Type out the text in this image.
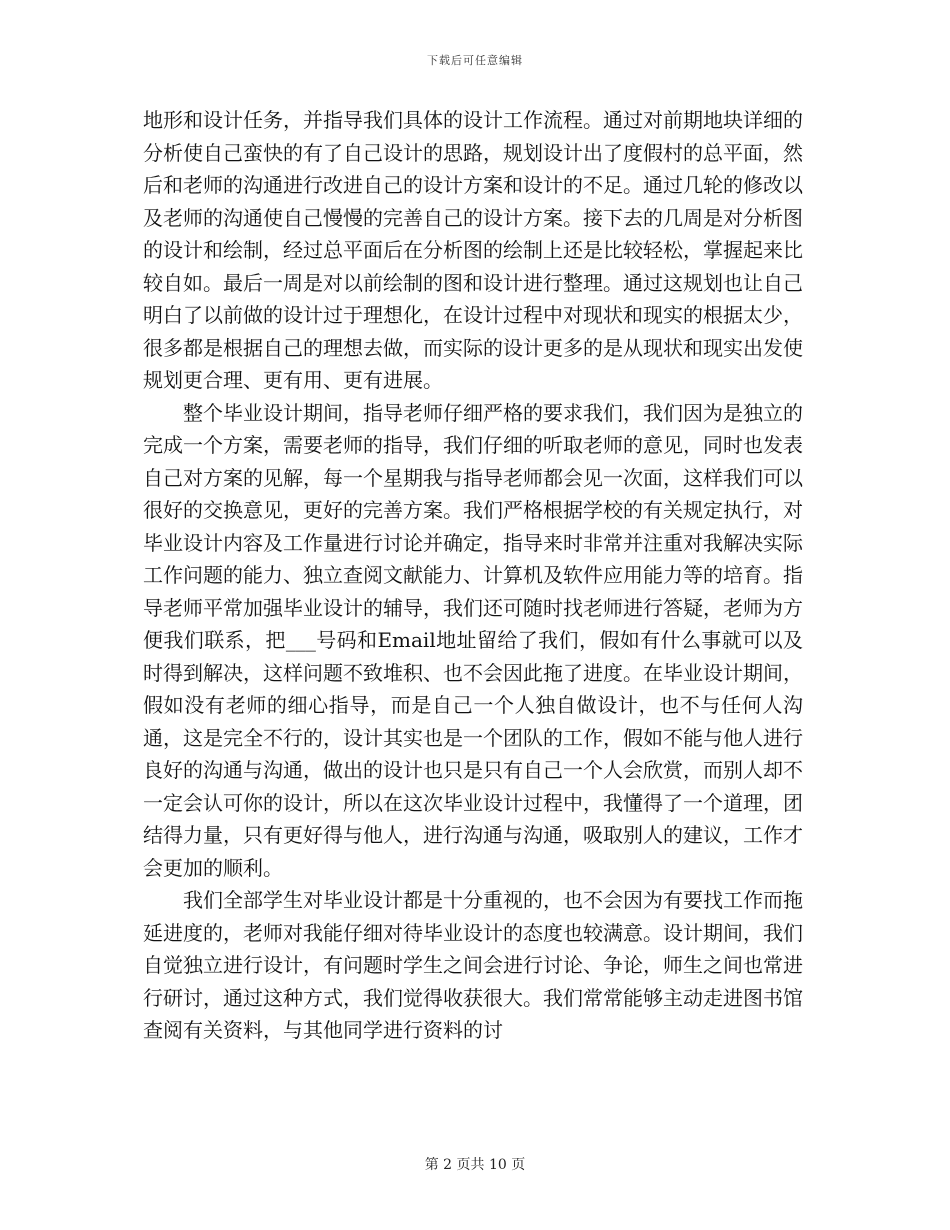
下载后可任意编辑

地形和设计任务，并指导我们具体的设计工作流程。通过对前期地块详细的分析使自己蛮快的有了自己设计的思路，规划设计出了度假村的总平面，然后和老师的沟通进行改进自己的设计方案和设计的不足。通过几轮的修改以及老师的沟通使自己慢慢的完善自己的设计方案。接下去的几周是对分析图的设计和绘制，经过总平面后在分析图的绘制上还是比较轻松，掌握起来比较自如。最后一周是对以前绘制的图和设计进行整理。通过这规划也让自己明白了以前做的设计过于理想化，在设计过程中对现状和现实的根据太少，很多都是根据自己的理想去做，而实际的设计更多的是从现状和现实出发使规划更合理、更有用、更有进展。

整个毕业设计期间，指导老师仔细严格的要求我们，我们因为是独立的完成一个方案，需要老师的指导，我们仔细的听取老师的意见，同时也发表自己对方案的见解，每一个星期我与指导老师都会见一次面，这样我们可以很好的交换意见，更好的完善方案。我们严格根据学校的有关规定执行，对毕业设计内容及工作量进行讨论并确定，指导来时非常并注重对我解决实际工作问题的能力、独立查阅文献能力、计算机及软件应用能力等的培育。指导老师平常加强毕业设计的辅导，我们还可随时找老师进行答疑，老师为方便我们联系，把___号码和Email地址留给了我们，假如有什么事就可以及时得到解决，这样问题不致堆积、也不会因此拖了进度。在毕业设计期间，假如没有老师的细心指导，而是自己一个人独自做设计，也不与任何人沟通，这是完全不行的，设计其实也是一个团队的工作，假如不能与他人进行良好的沟通与沟通，做出的设计也只是只有自己一个人会欣赏，而别人却不一定会认可你的设计，所以在这次毕业设计过程中，我懂得了一个道理，团结得力量，只有更好得与他人，进行沟通与沟通，吸取别人的建议，工作才会更加的顺利。

我们全部学生对毕业设计都是十分重视的，也不会因为有要找工作而拖延进度的，老师对我能仔细对待毕业设计的态度也较满意。设计期间，我们自觉独立进行设计，有问题时学生之间会进行讨论、争论，师生之间也常进行研讨，通过这种方式，我们觉得收获很大。我们常常能够主动走进图书馆查阅有关资料，与其他同学进行资料的讨

第 2 页共 10 页
